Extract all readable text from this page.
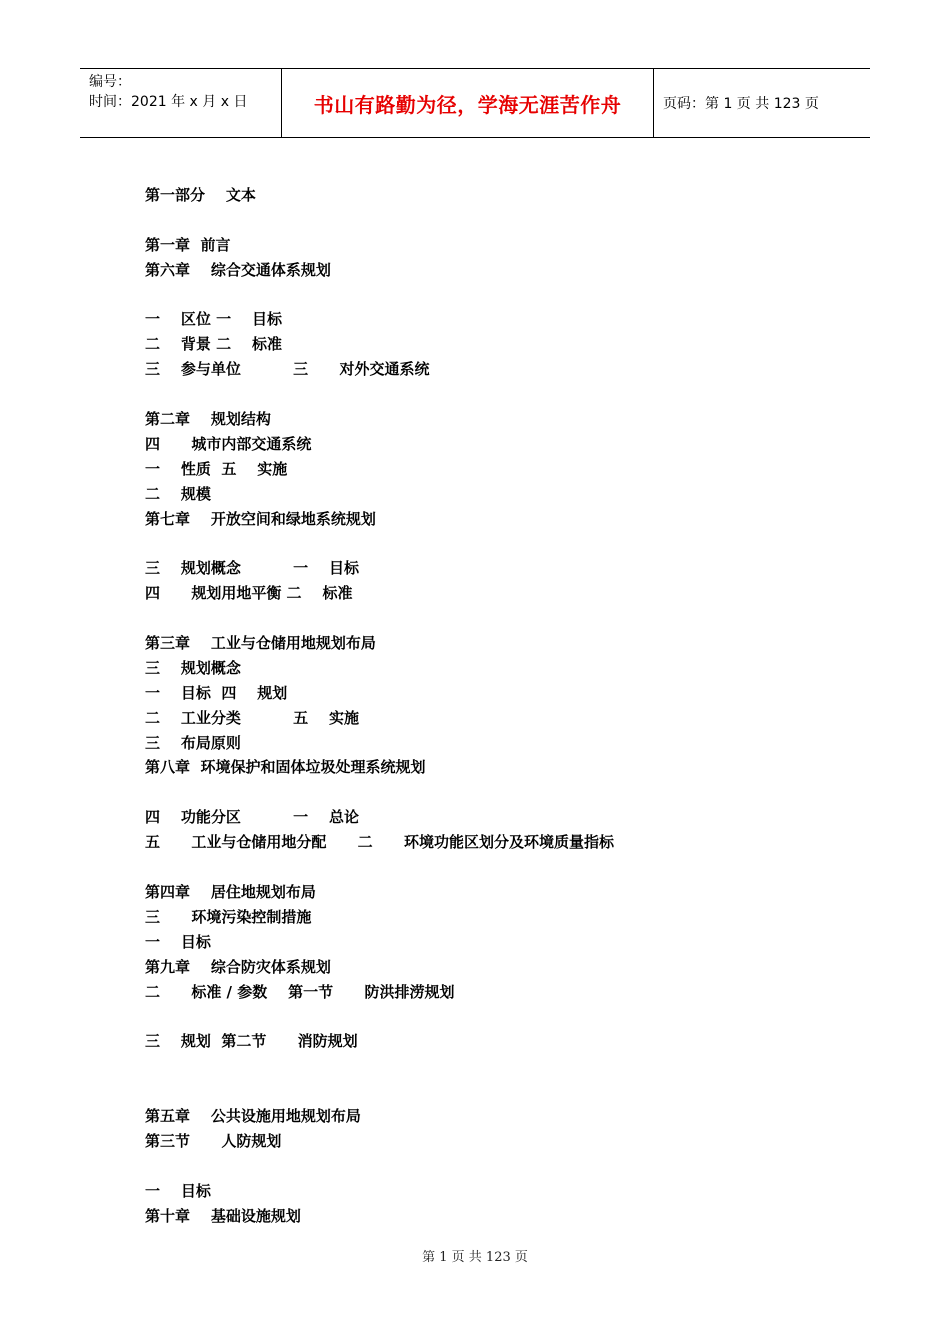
编号：
时间：2021 年 x 月 x 日	书山有路勤为径，学海无涯苦作舟	页码：第 1 页 共 123 页
第一部分    文本
第一章  前言
第六章    综合交通体系规划
一    区位 一    目标
二    背景 二    标准
三    参与单位          三      对外交通系统
第二章    规划结构
四      城市内部交通系统
一    性质  五    实施
二    规模
第七章    开放空间和绿地系统规划
三    规划概念          一    目标
四      规划用地平衡 二    标准
第三章    工业与仓储用地规划布局
三    规划概念
一    目标  四    规划
二    工业分类          五    实施
三    布局原则
第八章  环境保护和固体垃圾处理系统规划
四    功能分区          一    总论
五      工业与仓储用地分配      二      环境功能区划分及环境质量指标
第四章    居住地规划布局
三      环境污染控制措施
一    目标
第九章    综合防灾体系规划
二      标准 / 参数    第一节      防洪排涝规划
三    规划  第二节      消防规划
第五章    公共设施用地规划布局
第三节      人防规划
一    目标
第十章    基础设施规划
第 1 页 共 123 页
